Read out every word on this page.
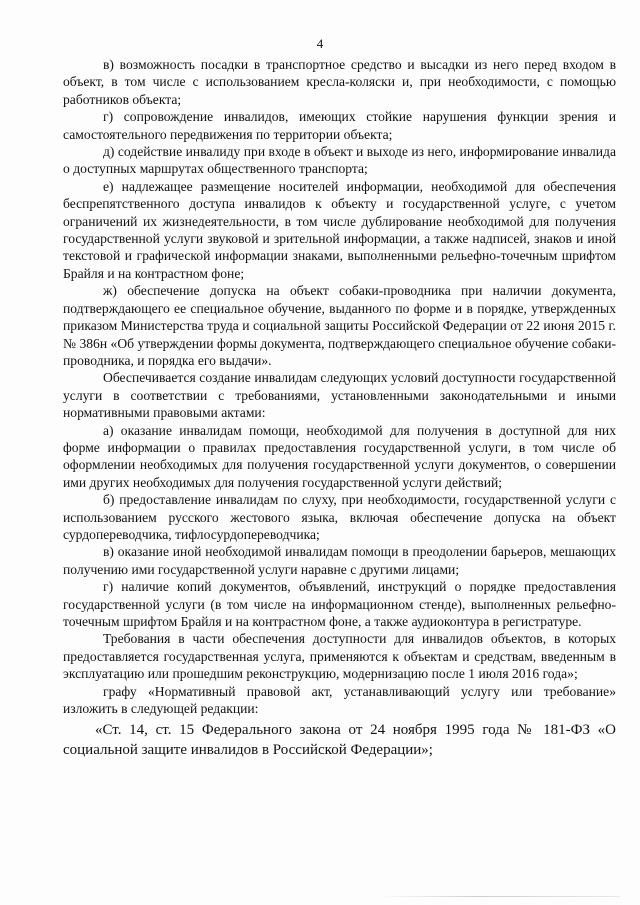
4

в) возможность посадки в транспортное средство и высадки из него перед входом в объект, в том числе с использованием кресла-коляски и, при необходимости, с помощью работников объекта;

г) сопровождение инвалидов, имеющих стойкие нарушения функции зрения и самостоятельного передвижения по территории объекта;

д) содействие инвалиду при входе в объект и выходе из него, информирование инвалида о доступных маршрутах общественного транспорта;

е) надлежащее размещение носителей информации, необходимой для обеспечения беспрепятственного доступа инвалидов к объекту и государственной услуге, с учетом ограничений их жизнедеятельности, в том числе дублирование необходимой для получения государственной услуги звуковой и зрительной информации, а также надписей, знаков и иной текстовой и графической информации знаками, выполненными рельефно-точечным шрифтом Брайля и на контрастном фоне;

ж) обеспечение допуска на объект собаки-проводника при наличии документа, подтверждающего ее специальное обучение, выданного по форме и в порядке, утвержденных приказом Министерства труда и социальной защиты Российской Федерации от 22 июня 2015 г. № 386н «Об утверждении формы документа, подтверждающего специальное обучение собаки-проводника, и порядка его выдачи».

Обеспечивается создание инвалидам следующих условий доступности государственной услуги в соответствии с требованиями, установленными законодательными и иными нормативными правовыми актами:

а) оказание инвалидам помощи, необходимой для получения в доступной для них форме информации о правилах предоставления государственной услуги, в том числе об оформлении необходимых для получения государственной услуги документов, о совершении ими других необходимых для получения государственной услуги действий;

б) предоставление инвалидам по слуху, при необходимости, государственной услуги с использованием русского жестового языка, включая обеспечение допуска на объект сурдопереводчика, тифлосурдопереводчика;

в) оказание иной необходимой инвалидам помощи в преодолении барьеров, мешающих получению ими государственной услуги наравне с другими лицами;

г) наличие копий документов, объявлений, инструкций о порядке предоставления государственной услуги (в том числе на информационном стенде), выполненных рельефно-точечным шрифтом Брайля и на контрастном фоне, а также аудиоконтура в регистратуре.

Требования в части обеспечения доступности для инвалидов объектов, в которых предоставляется государственная услуга, применяются к объектам и средствам, введенным в эксплуатацию или прошедшим реконструкцию, модернизацию после 1 июля 2016 года»;

графу «Нормативный правовой акт, устанавливающий услугу или требование» изложить в следующей редакции:

«Ст. 14, ст. 15 Федерального закона от 24 ноября 1995 года № 181-ФЗ «О социальной защите инвалидов в Российской Федерации»;
